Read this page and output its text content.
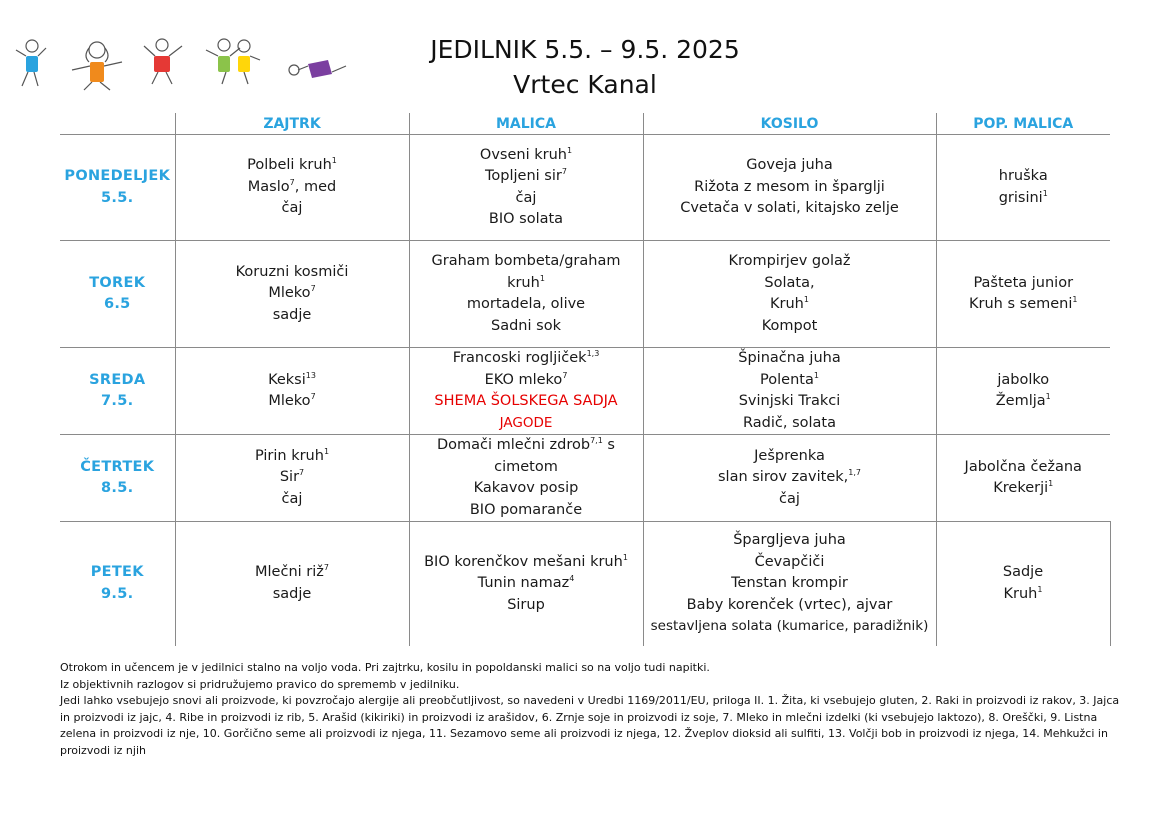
JEDILNIK 5.5. – 9.5. 2025
Vrtec Kanal
	ZAJTRK	MALICA	KOSILO	POP. MALICA

PONEDELJEK
5.5.	Polbeli kruh$^1$
Maslo$^7$, med
čaj	Ovseni kruh$^1$
Topljeni sir$^7$
čaj
BIO solata	Goveja juha
Rižota z mesom in šparglji
Cvetača v solati, kitajsko zelje	hruška
grisini$^1$

TOREK
6.5	Koruzni kosmiči
Mleko$^7$
sadje	Graham bombeta/graham
kruh$^1$
mortadela, olive
Sadni sok	Krompirjev golaž
Solata,
Kruh$^1$
Kompot	Pašteta junior
Kruh s semeni$^1$

SREDA
7.5.	Keksi$^{13}$
Mleko$^7$	Francoski rogljiček$^{1,3}$
EKO mleko$^7$
SHEMA ŠOLSKEGA SADJA
JAGODE	Špinačna juha
Polenta$^1$
Svinjski Trakci
Radič, solata	jabolko
Žemlja$^1$

ČETRTEK
8.5.	Pirin kruh$^1$
Sir$^7$
čaj	Domači mlečni zdrob$^{7,1}$ s
cimetom
Kakavov posip
BIO pomaranče	Ješprenka
slan sirov zavitek,$^{1,7}$
čaj	Jabolčna čežana
Krekerji$^1$

PETEK
9.5.	Mlečni riž$^7$
sadje	BIO korenčkov mešani kruh$^1$
Tunin namaz$^4$
Sirup	Špargljeva juha
Čevapčiči
Tenstan krompir
Baby korenček (vrtec), ajvar
sestavljena solata (kumarice, paradižnik)	Sadje
Kruh$^1$

Otrokom in učencem je v jedilnici stalno na voljo voda. Pri zajtrku, kosilu in popoldanski malici so na voljo tudi napitki.

Iz objektivnih razlogov si pridružujemo pravico do sprememb v jedilniku.

Jedi lahko vsebujejo snovi ali proizvode, ki povzročajo alergije ali preobčutljivost, so navedeni v Uredbi 1169/2011/EU, priloga II. 1. Žita, ki vsebujejo gluten, 2. Raki in proizvodi iz rakov, 3. Jajca in proizvodi iz jajc, 4. Ribe in proizvodi iz rib, 5. Arašid (kikiriki) in proizvodi iz arašidov, 6. Zrnje soje in proizvodi iz soje, 7. Mleko in mlečni izdelki (ki vsebujejo laktozo), 8. Oreščki, 9. Listna zelena in proizvodi iz nje, 10. Gorčično seme ali proizvodi iz njega, 11. Sezamovo seme ali proizvodi iz njega, 12. Žveplov dioksid ali sulfiti, 13. Volčji bob in proizvodi iz njega, 14. Mehkužci in proizvodi iz njih
